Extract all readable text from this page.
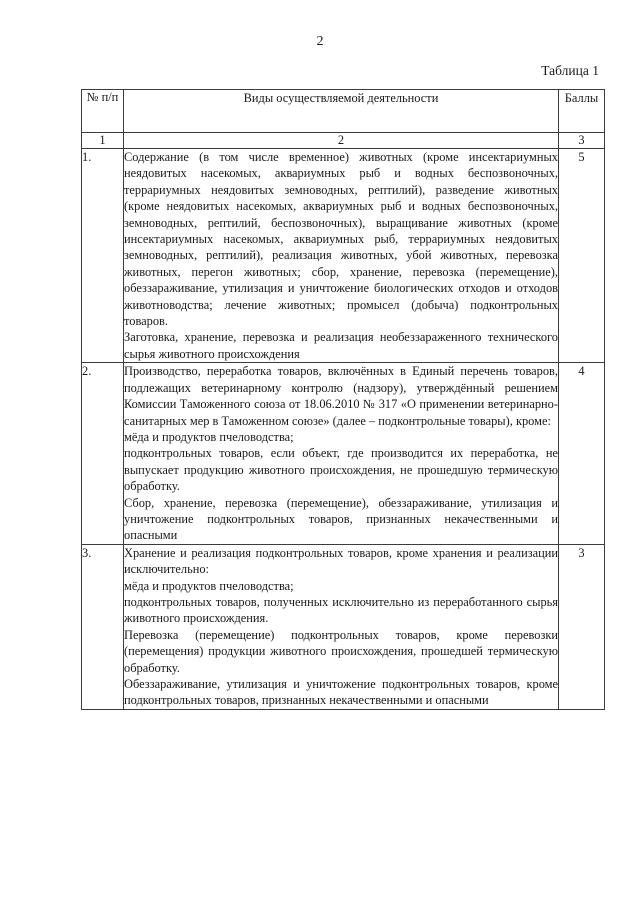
2
Таблица 1
№ п/п	Виды осуществляемой деятельности	Баллы
1	2	3
1.	Содержание (в том числе временное) животных (кроме инсектариумных неядовитых насекомых, аквариумных рыб и водных беспозвоночных, террариумных неядовитых земноводных, рептилий), разведение животных (кроме неядовитых насекомых, аквариумных рыб и водных беспозвоночных, земноводных, рептилий, беспозвоночных), выращивание животных (кроме инсектариумных насекомых, аквариумных рыб, террариумных неядовитых земноводных, рептилий), реализация животных, убой животных, перевозка животных, перегон животных; сбор, хранение, перевозка (перемещение), обеззараживание, утилизация и уничтожение биологических отходов и отходов животноводства; лечение животных; промысел (добыча) подконтрольных товаров.

Заготовка, хранение, перевозка и реализация необеззараженного технического сырья животного происхождения	5
2.	Производство, переработка товаров, включённых в Единый перечень товаров, подлежащих ветеринарному контролю (надзору), утверждённый решением Комиссии Таможенного союза от 18.06.2010 № 317 «О применении ветеринарно-санитарных мер в Таможенном союзе» (далее – подконтрольные товары), кроме:

мёда и продуктов пчеловодства;

подконтрольных товаров, если объект, где производится их переработка, не выпускает продукцию животного происхождения, не прошедшую термическую обработку.

Сбор, хранение, перевозка (перемещение), обеззараживание, утилизация и уничтожение подконтрольных товаров, признанных некачественными и опасными	4
3.	Хранение и реализация подконтрольных товаров, кроме хранения и реализации исключительно:

мёда и продуктов пчеловодства;

подконтрольных товаров, полученных исключительно из переработанного сырья животного происхождения.

Перевозка (перемещение) подконтрольных товаров, кроме перевозки (перемещения) продукции животного происхождения, прошедшей термическую обработку.

Обеззараживание, утилизация и уничтожение подконтрольных товаров, кроме подконтрольных товаров, признанных некачественными и опасными	3
